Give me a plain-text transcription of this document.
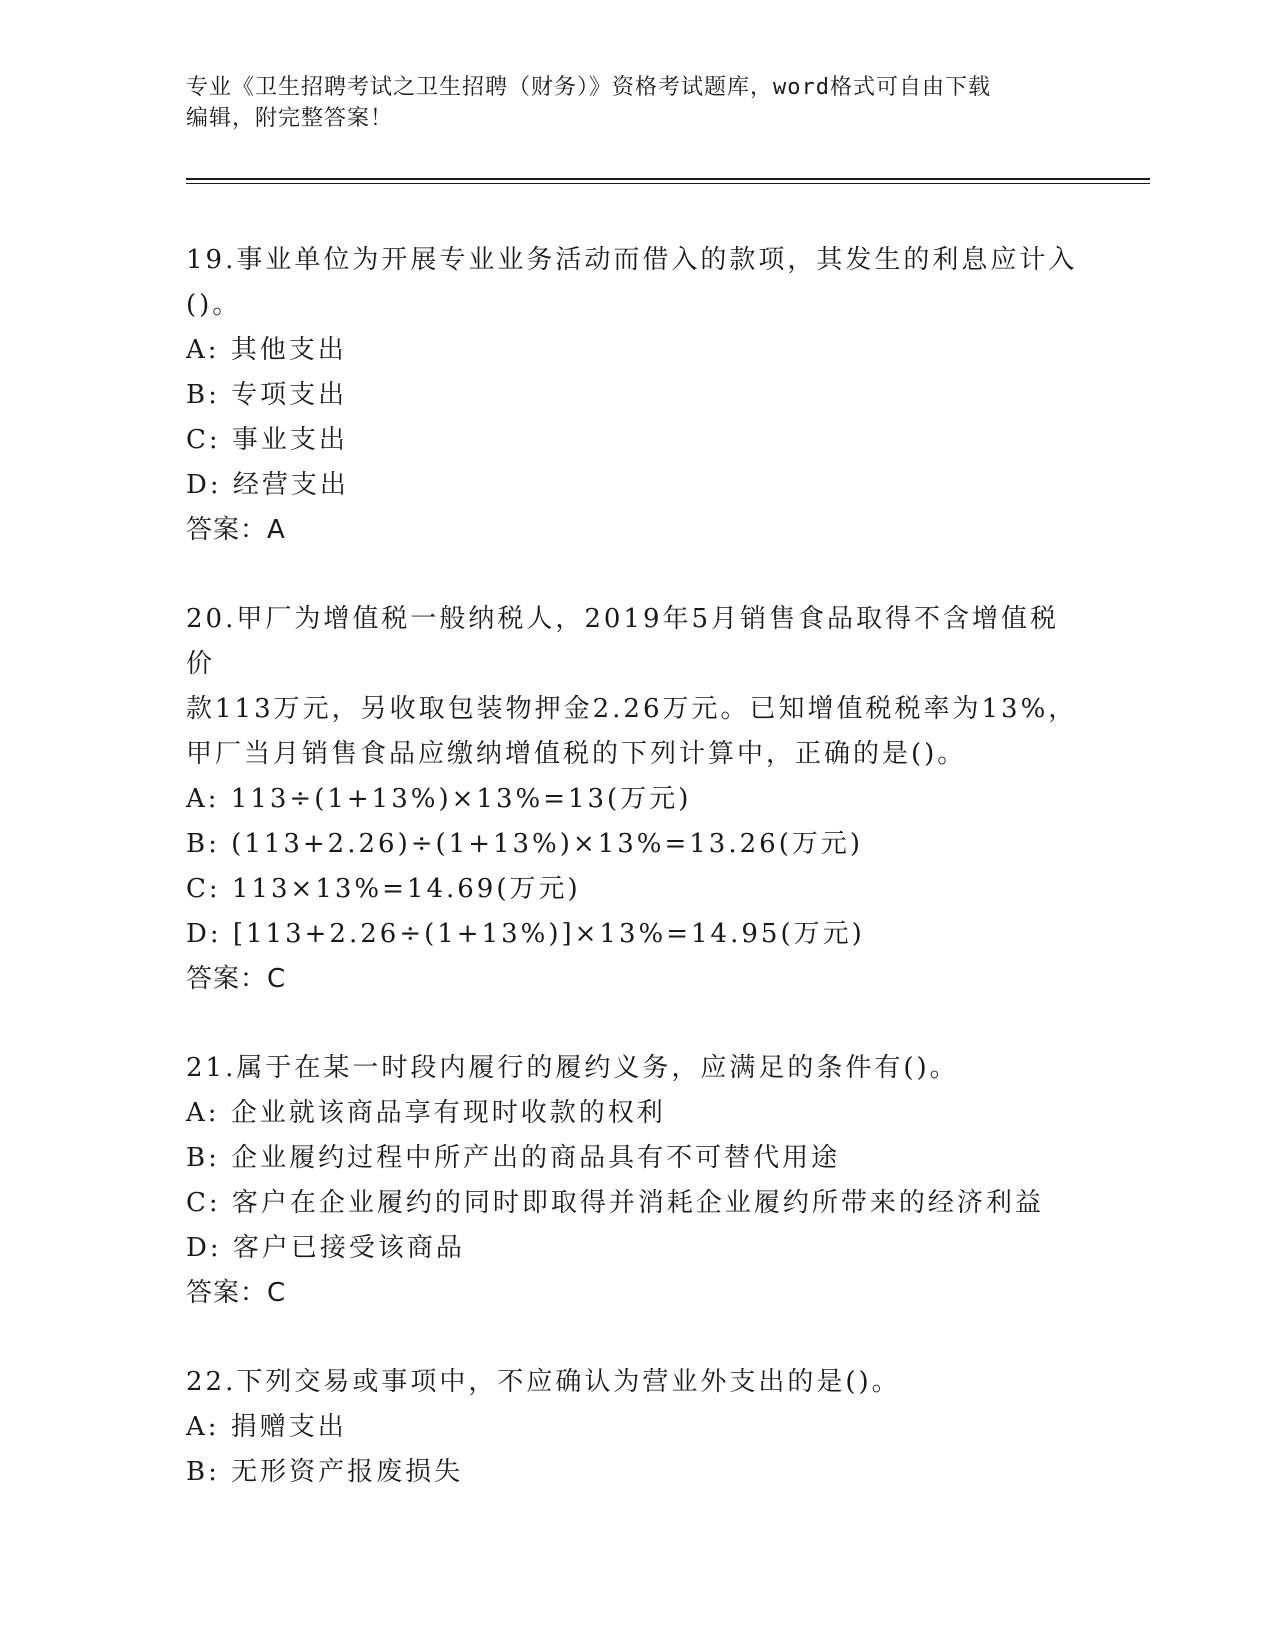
专业《卫生招聘考试之卫生招聘（财务）》资格考试题库，word格式可自由下载
编辑，附完整答案！
19.事业单位为开展专业业务活动而借入的款项，其发生的利息应计入
()。
A: 其他支出
B: 专项支出
C: 事业支出
D: 经营支出
答案：A
20.甲厂为增值税一般纳税人，2019年5月销售食品取得不含增值税价
款113万元，另收取包装物押金2.26万元。已知增值税税率为13%，
甲厂当月销售食品应缴纳增值税的下列计算中，正确的是()。
A: 113÷(1+13%)×13%=13(万元)
B: (113+2.26)÷(1+13%)×13%=13.26(万元)
C: 113×13%=14.69(万元)
D: [113+2.26÷(1+13%)]×13%=14.95(万元)
答案：C
21.属于在某一时段内履行的履约义务，应满足的条件有()。
A: 企业就该商品享有现时收款的权利
B: 企业履约过程中所产出的商品具有不可替代用途
C: 客户在企业履约的同时即取得并消耗企业履约所带来的经济利益
D: 客户已接受该商品
答案：C
22.下列交易或事项中，不应确认为营业外支出的是()。
A: 捐赠支出
B: 无形资产报废损失
